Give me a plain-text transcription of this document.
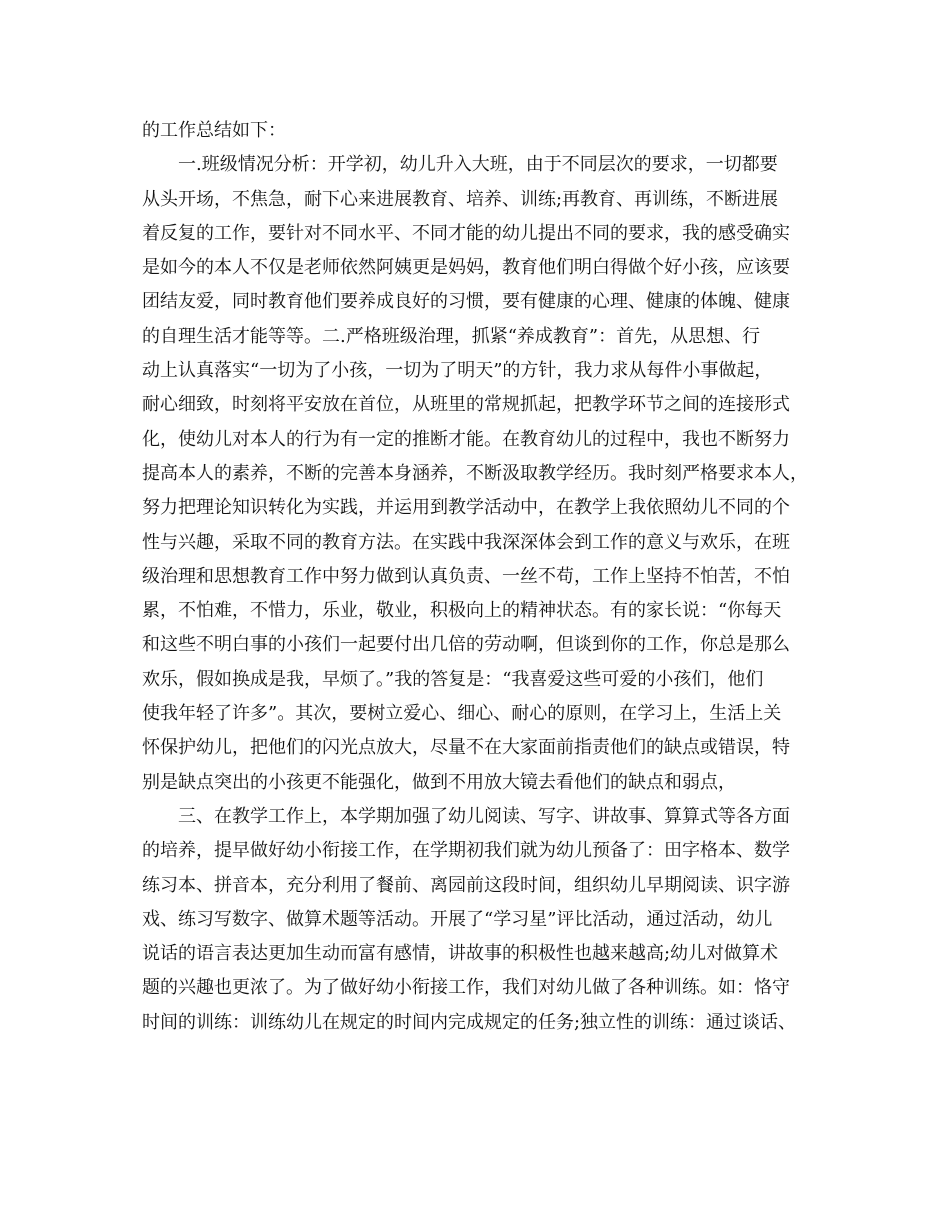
的工作总结如下：
一.班级情况分析：开学初，幼儿升入大班，由于不同层次的要求，一切都要
从头开场，不焦急，耐下心来进展教育、培养、训练;再教育、再训练，不断进展
着反复的工作，要针对不同水平、不同才能的幼儿提出不同的要求，我的感受确实
是如今的本人不仅是老师依然阿姨更是妈妈，教育他们明白得做个好小孩，应该要
团结友爱，同时教育他们要养成良好的习惯，要有健康的心理、健康的体魄、健康
的自理生活才能等等。二.严格班级治理，抓紧“养成教育”：首先，从思想、行
动上认真落实“一切为了小孩，一切为了明天”的方针，我力求从每件小事做起，
耐心细致，时刻将平安放在首位，从班里的常规抓起，把教学环节之间的连接形式
化，使幼儿对本人的行为有一定的推断才能。在教育幼儿的过程中，我也不断努力
提高本人的素养，不断的完善本身涵养，不断汲取教学经历。我时刻严格要求本人，
努力把理论知识转化为实践，并运用到教学活动中，在教学上我依照幼儿不同的个
性与兴趣，采取不同的教育方法。在实践中我深深体会到工作的意义与欢乐，在班
级治理和思想教育工作中努力做到认真负责、一丝不苟，工作上坚持不怕苦，不怕
累，不怕难，不惜力，乐业，敬业，积极向上的精神状态。有的家长说：“你每天
和这些不明白事的小孩们一起要付出几倍的劳动啊，但谈到你的工作，你总是那么
欢乐，假如换成是我，早烦了。”我的答复是：“我喜爱这些可爱的小孩们，他们
使我年轻了许多”。其次，要树立爱心、细心、耐心的原则，在学习上，生活上关
怀保护幼儿，把他们的闪光点放大，尽量不在大家面前指责他们的缺点或错误，特
别是缺点突出的小孩更不能强化，做到不用放大镜去看他们的缺点和弱点，
三、在教学工作上，本学期加强了幼儿阅读、写字、讲故事、算算式等各方面
的培养，提早做好幼小衔接工作，在学期初我们就为幼儿预备了：田字格本、数学
练习本、拼音本，充分利用了餐前、离园前这段时间，组织幼儿早期阅读、识字游
戏、练习写数字、做算术题等活动。开展了“学习星”评比活动，通过活动，幼儿
说话的语言表达更加生动而富有感情，讲故事的积极性也越来越高;幼儿对做算术
题的兴趣也更浓了。为了做好幼小衔接工作，我们对幼儿做了各种训练。如：恪守
时间的训练：训练幼儿在规定的时间内完成规定的任务;独立性的训练：通过谈话、
